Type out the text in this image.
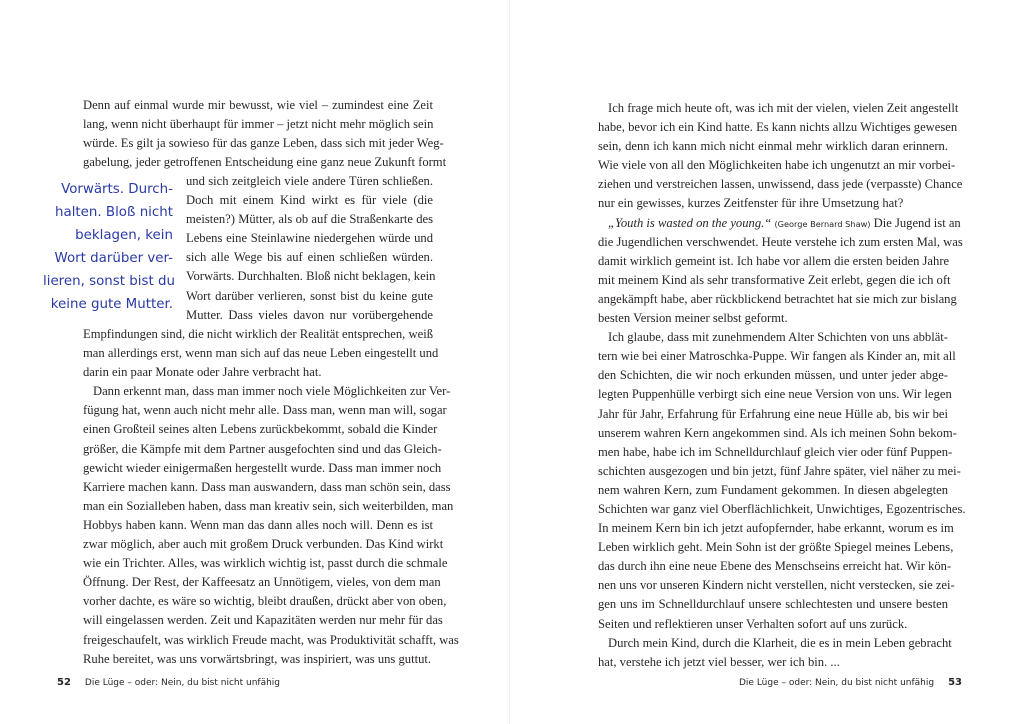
Denn auf einmal wurde mir bewusst, wie viel – zumindest eine Zeit
lang, wenn nicht überhaupt für immer – jetzt nicht mehr möglich sein
würde. Es gilt ja sowieso für das ganze Leben, dass sich mit jeder Weg-
gabelung, jeder getroffenen Entscheidung eine ganz neue Zukunft formt
Vorwärts. Durch-
halten. Bloß nicht
beklagen, kein
Wort darüber ver-
lieren, sonst bist du
keine gute Mutter.
und sich zeitgleich viele andere Türen schließen.
Doch mit einem Kind wirkt es für viele (die
meisten?) Mütter, als ob auf die Straßenkarte des
Lebens eine Steinlawine niedergehen würde und
sich alle Wege bis auf einen schließen würden.
Vorwärts. Durchhalten. Bloß nicht beklagen, kein
Wort darüber verlieren, sonst bist du keine gute
Mutter. Dass vieles davon nur vorübergehende
Empfindungen sind, die nicht wirklich der Realität entsprechen, weiß
man allerdings erst, wenn man sich auf das neue Leben eingestellt und
darin ein paar Monate oder Jahre verbracht hat.
Dann erkennt man, dass man immer noch viele Möglichkeiten zur Ver-
fügung hat, wenn auch nicht mehr alle. Dass man, wenn man will, sogar
einen Großteil seines alten Lebens zurückbekommt, sobald die Kinder
größer, die Kämpfe mit dem Partner ausgefochten sind und das Gleich-
gewicht wieder einigermaßen hergestellt wurde. Dass man immer noch
Karriere machen kann. Dass man auswandern, dass man schön sein, dass
man ein Sozialleben haben, dass man kreativ sein, sich weiterbilden, man
Hobbys haben kann. Wenn man das dann alles noch will. Denn es ist
zwar möglich, aber auch mit großem Druck verbunden. Das Kind wirkt
wie ein Trichter. Alles, was wirklich wichtig ist, passt durch die schmale
Öffnung. Der Rest, der Kaffeesatz an Unnötigem, vieles, von dem man
vorher dachte, es wäre so wichtig, bleibt draußen, drückt aber von oben,
will eingelassen werden. Zeit und Kapazitäten werden nur mehr für das
freigeschaufelt, was wirklich Freude macht, was Produktivität schafft, was
Ruhe bereitet, was uns vorwärtsbringt, was inspiriert, was uns guttut.
52 Die Lüge – oder: Nein, du bist nicht unfähig
Ich frage mich heute oft, was ich mit der vielen, vielen Zeit angestellt
habe, bevor ich ein Kind hatte. Es kann nichts allzu Wichtiges gewesen
sein, denn ich kann mich nicht einmal mehr wirklich daran erinnern.
Wie viele von all den Möglichkeiten habe ich ungenutzt an mir vorbei-
ziehen und verstreichen lassen, unwissend, dass jede (verpasste) Chance
nur ein gewisses, kurzes Zeitfenster für ihre Umsetzung hat?
„Youth is wasted on the young.“ (George Bernard Shaw) Die Jugend ist an
die Jugendlichen verschwendet. Heute verstehe ich zum ersten Mal, was
damit wirklich gemeint ist. Ich habe vor allem die ersten beiden Jahre
mit meinem Kind als sehr transformative Zeit erlebt, gegen die ich oft
angekämpft habe, aber rückblickend betrachtet hat sie mich zur bislang
besten Version meiner selbst geformt.
Ich glaube, dass mit zunehmendem Alter Schichten von uns abblät-
tern wie bei einer Matroschka-Puppe. Wir fangen als Kinder an, mit all
den Schichten, die wir noch erkunden müssen, und unter jeder abge-
legten Puppenhülle verbirgt sich eine neue Version von uns. Wir legen
Jahr für Jahr, Erfahrung für Erfahrung eine neue Hülle ab, bis wir bei
unserem wahren Kern angekommen sind. Als ich meinen Sohn bekom-
men habe, habe ich im Schnelldurchlauf gleich vier oder fünf Puppen-
schichten ausgezogen und bin jetzt, fünf Jahre später, viel näher zu mei-
nem wahren Kern, zum Fundament gekommen. In diesen abgelegten
Schichten war ganz viel Oberflächlichkeit, Unwichtiges, Egozentrisches.
In meinem Kern bin ich jetzt aufopfernder, habe erkannt, worum es im
Leben wirklich geht. Mein Sohn ist der größte Spiegel meines Lebens,
das durch ihn eine neue Ebene des Menschseins erreicht hat. Wir kön-
nen uns vor unseren Kindern nicht verstellen, nicht verstecken, sie zei-
gen uns im Schnelldurchlauf unsere schlechtesten und unsere besten
Seiten und reflektieren unser Verhalten sofort auf uns zurück.
Durch mein Kind, durch die Klarheit, die es in mein Leben gebracht
hat, verstehe ich jetzt viel besser, wer ich bin. ...
Die Lüge – oder: Nein, du bist nicht unfähig 53
